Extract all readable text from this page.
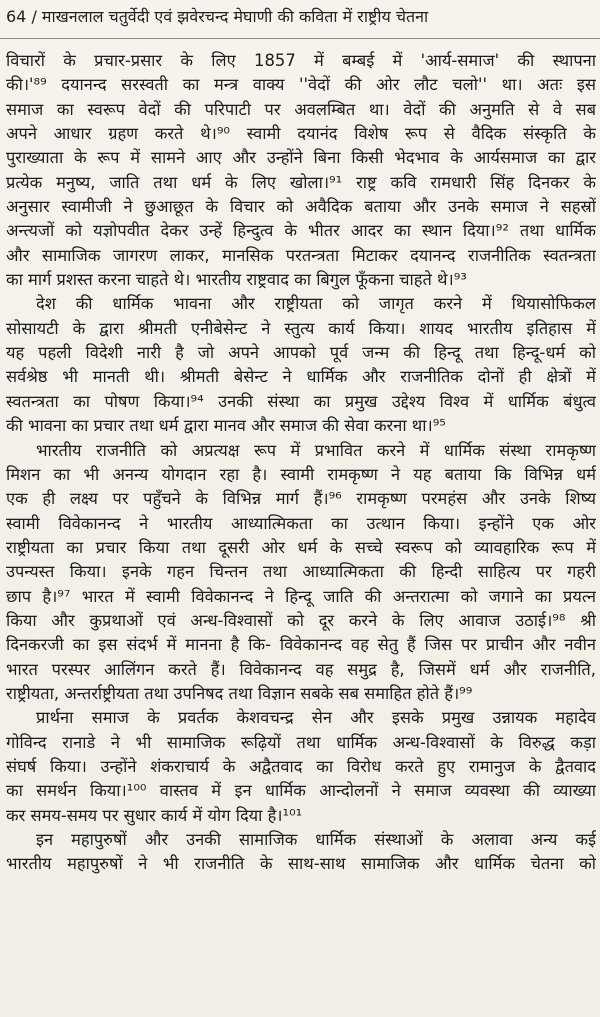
64 / माखनलाल चतुर्वेदी एवं झवेरचन्द मेघाणी की कविता में राष्ट्रीय चेतना
विचारों के प्रचार-प्रसार के लिए 1857 में बम्बई में 'आर्य-समाज' की स्थापना
की।'⁸⁹ दयानन्द सरस्वती का मन्त्र वाक्य ''वेदों की ओर लौट चलो'' था। अतः इस
समाज का स्वरूप वेदों की परिपाटी पर अवलम्बित था। वेदों की अनुमति से वे सब
अपने आधार ग्रहण करते थे।⁹⁰ स्वामी दयानंद विशेष रूप से वैदिक संस्कृति के
पुराख्याता के रूप में सामने आए और उन्होंने बिना किसी भेदभाव के आर्यसमाज का द्वार
प्रत्येक मनुष्य, जाति तथा धर्म के लिए खोला।⁹¹ राष्ट्र कवि रामधारी सिंह दिनकर के
अनुसार स्वामीजी ने छुआछूत के विचार को अवैदिक बताया और उनके समाज ने सहस्रों
अन्त्यजों को यज्ञोपवीत देकर उन्हें हिन्दुत्व के भीतर आदर का स्थान दिया।⁹² तथा धार्मिक
और सामाजिक जागरण लाकर, मानसिक परतन्त्रता मिटाकर दयानन्द राजनीतिक स्वतन्त्रता
का मार्ग प्रशस्त करना चाहते थे। भारतीय राष्ट्रवाद का बिगुल फूँकना चाहते थे।⁹³
देश की धार्मिक भावना और राष्ट्रीयता को जागृत करने में थियासोफिकल
सोसायटी के द्वारा श्रीमती एनीबेसेन्ट ने स्तुत्य कार्य किया। शायद भारतीय इतिहास में
यह पहली विदेशी नारी है जो अपने आपको पूर्व जन्म की हिन्दू तथा हिन्दू-धर्म को
सर्वश्रेष्ठ भी मानती थी। श्रीमती बेसेन्ट ने धार्मिक और राजनीतिक दोनों ही क्षेत्रों में
स्वतन्त्रता का पोषण किया।⁹⁴ उनकी संस्था का प्रमुख उद्देश्य विश्व में धार्मिक बंधुत्व
की भावना का प्रचार तथा धर्म द्वारा मानव और समाज की सेवा करना था।⁹⁵
भारतीय राजनीति को अप्रत्यक्ष रूप में प्रभावित करने में धार्मिक संस्था रामकृष्ण
मिशन का भी अनन्य योगदान रहा है। स्वामी रामकृष्ण ने यह बताया कि विभिन्न धर्म
एक ही लक्ष्य पर पहुँचने के विभिन्न मार्ग हैं।⁹⁶ रामकृष्ण परमहंस और उनके शिष्य
स्वामी विवेकानन्द ने भारतीय आध्यात्मिकता का उत्थान किया। इन्होंने एक ओर
राष्ट्रीयता का प्रचार किया तथा दूसरी ओर धर्म के सच्चे स्वरूप को व्यावहारिक रूप में
उपन्यस्त किया। इनके गहन चिन्तन तथा आध्यात्मिकता की हिन्दी साहित्य पर गहरी
छाप है।⁹⁷ भारत में स्वामी विवेकानन्द ने हिन्दू जाति की अन्तरात्मा को जगाने का प्रयत्न
किया और कुप्रथाओं एवं अन्ध-विश्वासों को दूर करने के लिए आवाज उठाई।⁹⁸ श्री
दिनकरजी का इस संदर्भ में मानना है कि- विवेकानन्द वह सेतु हैं जिस पर प्राचीन और नवीन
भारत परस्पर आलिंगन करते हैं। विवेकानन्द वह समुद्र है, जिसमें धर्म और राजनीति,
राष्ट्रीयता, अन्तर्राष्ट्रीयता तथा उपनिषद तथा विज्ञान सबके सब समाहित होते हैं।⁹⁹
प्रार्थना समाज के प्रवर्तक केशवचन्द्र सेन और इसके प्रमुख उन्नायक महादेव
गोविन्द रानाडे ने भी सामाजिक रूढ़ियों तथा धार्मिक अन्ध-विश्वासों के विरुद्ध कड़ा
संघर्ष किया। उन्होंने शंकराचार्य के अद्वैतवाद का विरोध करते हुए रामानुज के द्वैतवाद
का समर्थन किया।¹⁰⁰ वास्तव में इन धार्मिक आन्दोलनों ने समाज व्यवस्था की व्याख्या
कर समय-समय पर सुधार कार्य में योग दिया है।¹⁰¹
इन महापुरुषों और उनकी सामाजिक धार्मिक संस्थाओं के अलावा अन्य कई
भारतीय महापुरुषों ने भी राजनीति के साथ-साथ सामाजिक और धार्मिक चेतना को
